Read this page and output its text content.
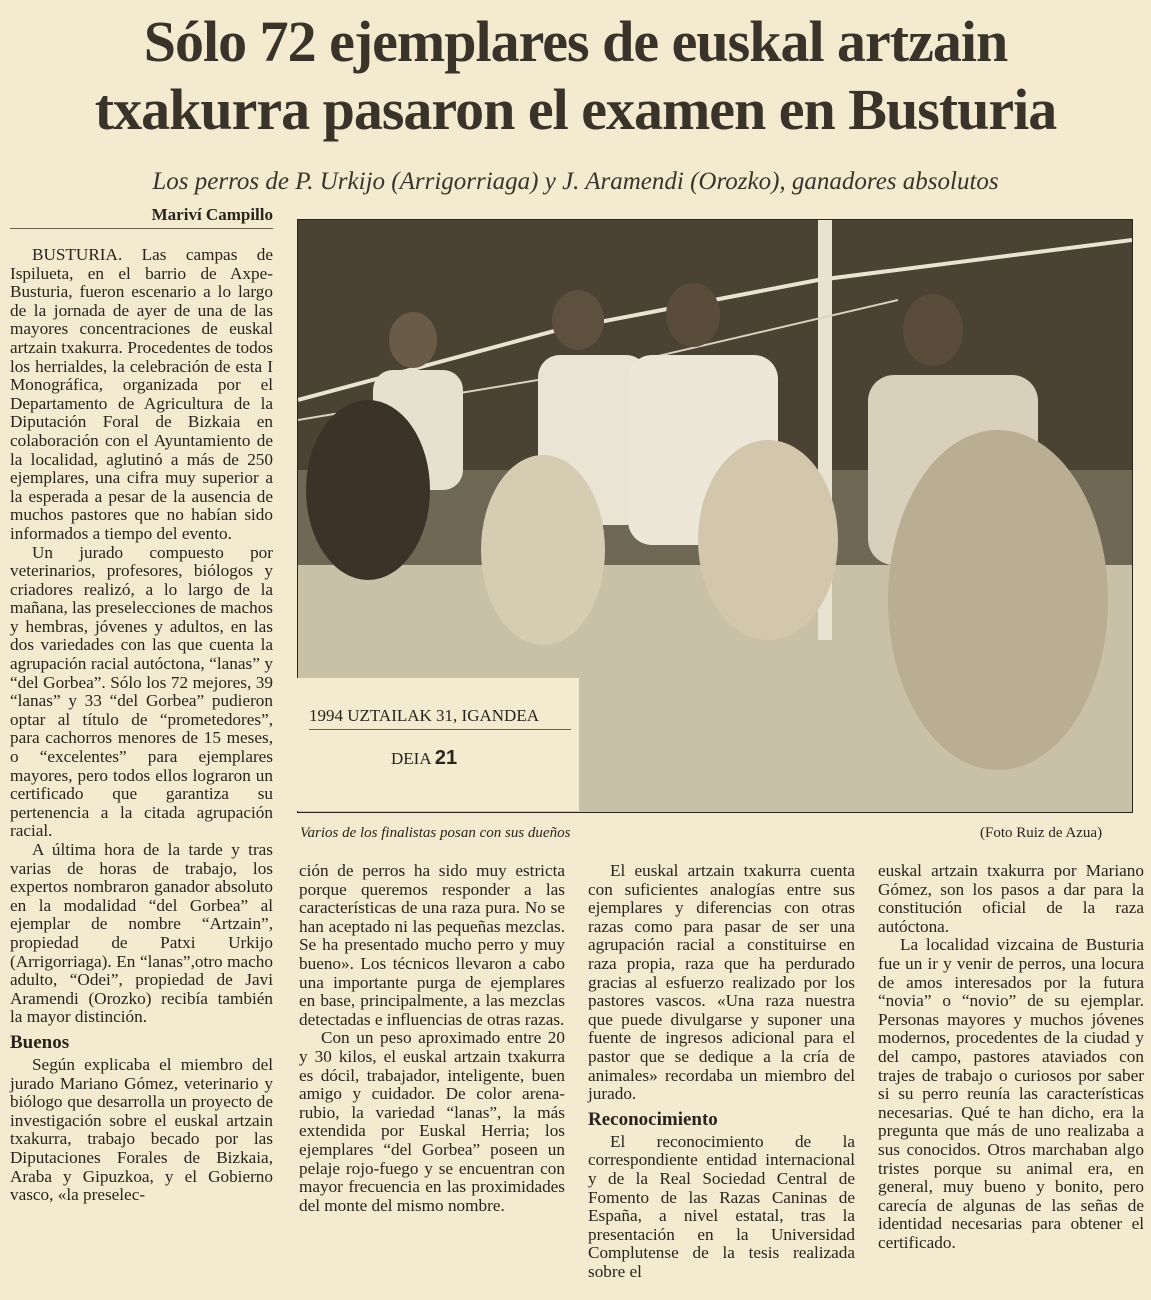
Sólo 72 ejemplares de euskal artzain
txakurra pasaron el examen en Busturia
Los perros de P. Urkijo (Arrigorriaga) y J. Aramendi (Orozko), ganadores absolutos
Mariví Campillo

BUSTURIA. Las campas de Ispilueta, en el barrio de Axpe-Busturia, fueron escenario a lo largo de la jornada de ayer de una de las mayores concentraciones de euskal artzain txakurra. Procedentes de todos los herrialdes, la celebración de esta I Monográfica, organizada por el Departamento de Agricultura de la Diputación Foral de Bizkaia en colaboración con el Ayuntamiento de la localidad, aglutinó a más de 250 ejemplares, una cifra muy superior a la esperada a pesar de la ausencia de muchos pastores que no habían sido informados a tiempo del evento.

Un jurado compuesto por veterinarios, profesores, biólogos y criadores realizó, a lo largo de la mañana, las preselecciones de machos y hembras, jóvenes y adultos, en las dos variedades con las que cuenta la agrupación racial autóctona, “lanas” y “del Gorbea”. Sólo los 72 mejores, 39 “lanas” y 33 “del Gorbea” pudieron optar al título de “prometedores”, para cachorros menores de 15 meses, o “excelentes” para ejemplares mayores, pero todos ellos lograron un certificado que garantiza su pertenencia a la citada agrupación racial.

A última hora de la tarde y tras varias de horas de trabajo, los expertos nombraron ganador absoluto en la modalidad “del Gorbea” al ejemplar de nombre “Artzain”, propiedad de Patxi Urkijo (Arrigorriaga). En “lanas”,otro macho adulto, “Odei”, propiedad de Javi Aramendi (Orozko) recibía también la mayor distinción.

Buenos

Según explicaba el miembro del jurado Mariano Gómez, veterinario y biólogo que desarrolla un proyecto de investigación sobre el euskal artzain txakurra, trabajo becado por las Diputaciones Forales de Bizkaia, Araba y Gipuzkoa, y el Gobierno vasco, «la preselec-

1994 UZTAILAK 31, IGANDEA
DEIA 21
Varios de los finalistas posan con sus dueños	(Foto Ruiz de Azua)

ción de perros ha sido muy estricta porque queremos responder a las características de una raza pura. No se han aceptado ni las pequeñas mezclas. Se ha presentado mucho perro y muy bueno». Los técnicos llevaron a cabo una importante purga de ejemplares en base, principalmente, a las mezclas detectadas e influencias de otras razas.

Con un peso aproximado entre 20 y 30 kilos, el euskal artzain txakurra es dócil, trabajador, inteligente, buen amigo y cuidador. De color arena-rubio, la variedad “lanas”, la más extendida por Euskal Herria; los ejemplares “del Gorbea” poseen un pelaje rojo-fuego y se encuentran con mayor frecuencia en las proximidades del monte del mismo nombre.

El euskal artzain txakurra cuenta con suficientes analogías entre sus ejemplares y diferencias con otras razas como para pasar de ser una agrupación racial a constituirse en raza propia, raza que ha perdurado gracias al esfuerzo realizado por los pastores vascos. «Una raza nuestra que puede divulgarse y suponer una fuente de ingresos adicional para el pastor que se dedique a la cría de animales» recordaba un miembro del jurado.

Reconocimiento

El reconocimiento de la correspondiente entidad internacional y de la Real Sociedad Central de Fomento de las Razas Caninas de España, a nivel estatal, tras la presentación en la Universidad Complutense de la tesis realizada sobre el

euskal artzain txakurra por Mariano Gómez, son los pasos a dar para la constitución oficial de la raza autóctona.

La localidad vizcaina de Busturia fue un ir y venir de perros, una locura de amos interesados por la futura “novia” o “novio” de su ejemplar. Personas mayores y muchos jóvenes modernos, procedentes de la ciudad y del campo, pastores ataviados con trajes de trabajo o curiosos por saber si su perro reunía las características necesarias. Qué te han dicho, era la pregunta que más de uno realizaba a sus conocidos. Otros marchaban algo tristes porque su animal era, en general, muy bueno y bonito, pero carecía de algunas de las señas de identidad necesarias para obtener el certificado.
